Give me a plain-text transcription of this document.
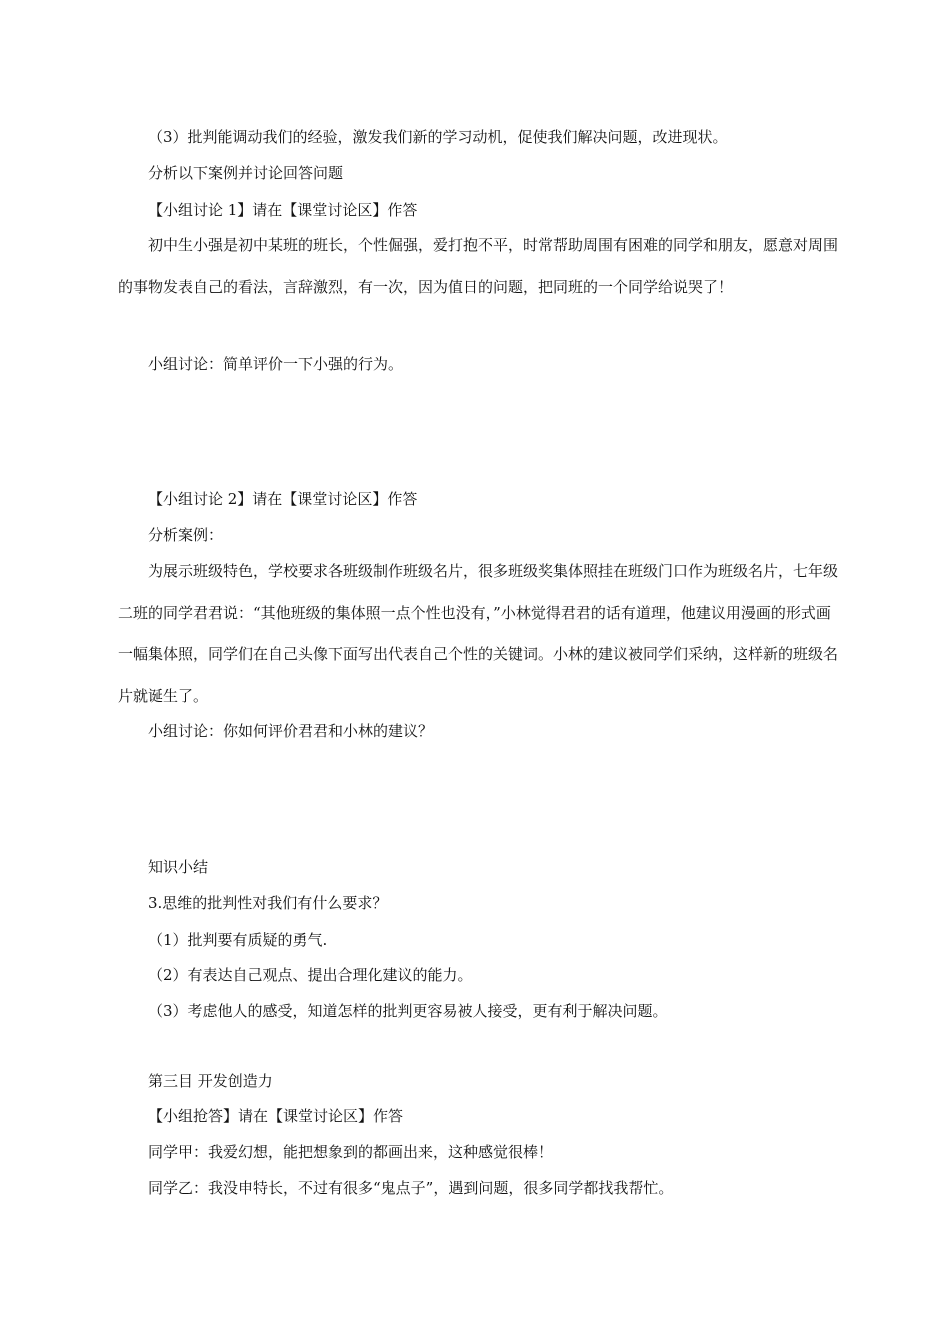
（3）批判能调动我们的经验，激发我们新的学习动机，促使我们解决问题，改进现状。
分析以下案例并讨论回答问题
【小组讨论 1】请在【课堂讨论区】作答
初中生小强是初中某班的班长，个性倔强，爱打抱不平，时常帮助周围有困难的同学和朋友，愿意对周围的事物发表自己的看法，言辞激烈，有一次，因为值日的问题，把同班的一个同学给说哭了！
小组讨论：简单评价一下小强的行为。
【小组讨论 2】请在【课堂讨论区】作答
分析案例：
为展示班级特色，学校要求各班级制作班级名片，很多班级奖集体照挂在班级门口作为班级名片，七年级二班的同学君君说：“其他班级的集体照一点个性也没有，”小林觉得君君的话有道理，他建议用漫画的形式画一幅集体照，同学们在自己头像下面写出代表自己个性的关键词。小林的建议被同学们采纳，这样新的班级名片就诞生了。
小组讨论：你如何评价君君和小林的建议？
知识小结
3.思维的批判性对我们有什么要求？
（1）批判要有质疑的勇气.
（2）有表达自己观点、提出合理化建议的能力。
（3）考虑他人的感受，知道怎样的批判更容易被人接受，更有利于解决问题。
第三目 开发创造力
【小组抢答】请在【课堂讨论区】作答
同学甲：我爱幻想，能把想象到的都画出来，这种感觉很棒！
同学乙：我没申特长，不过有很多“鬼点子”，遇到问题，很多同学都找我帮忙。
